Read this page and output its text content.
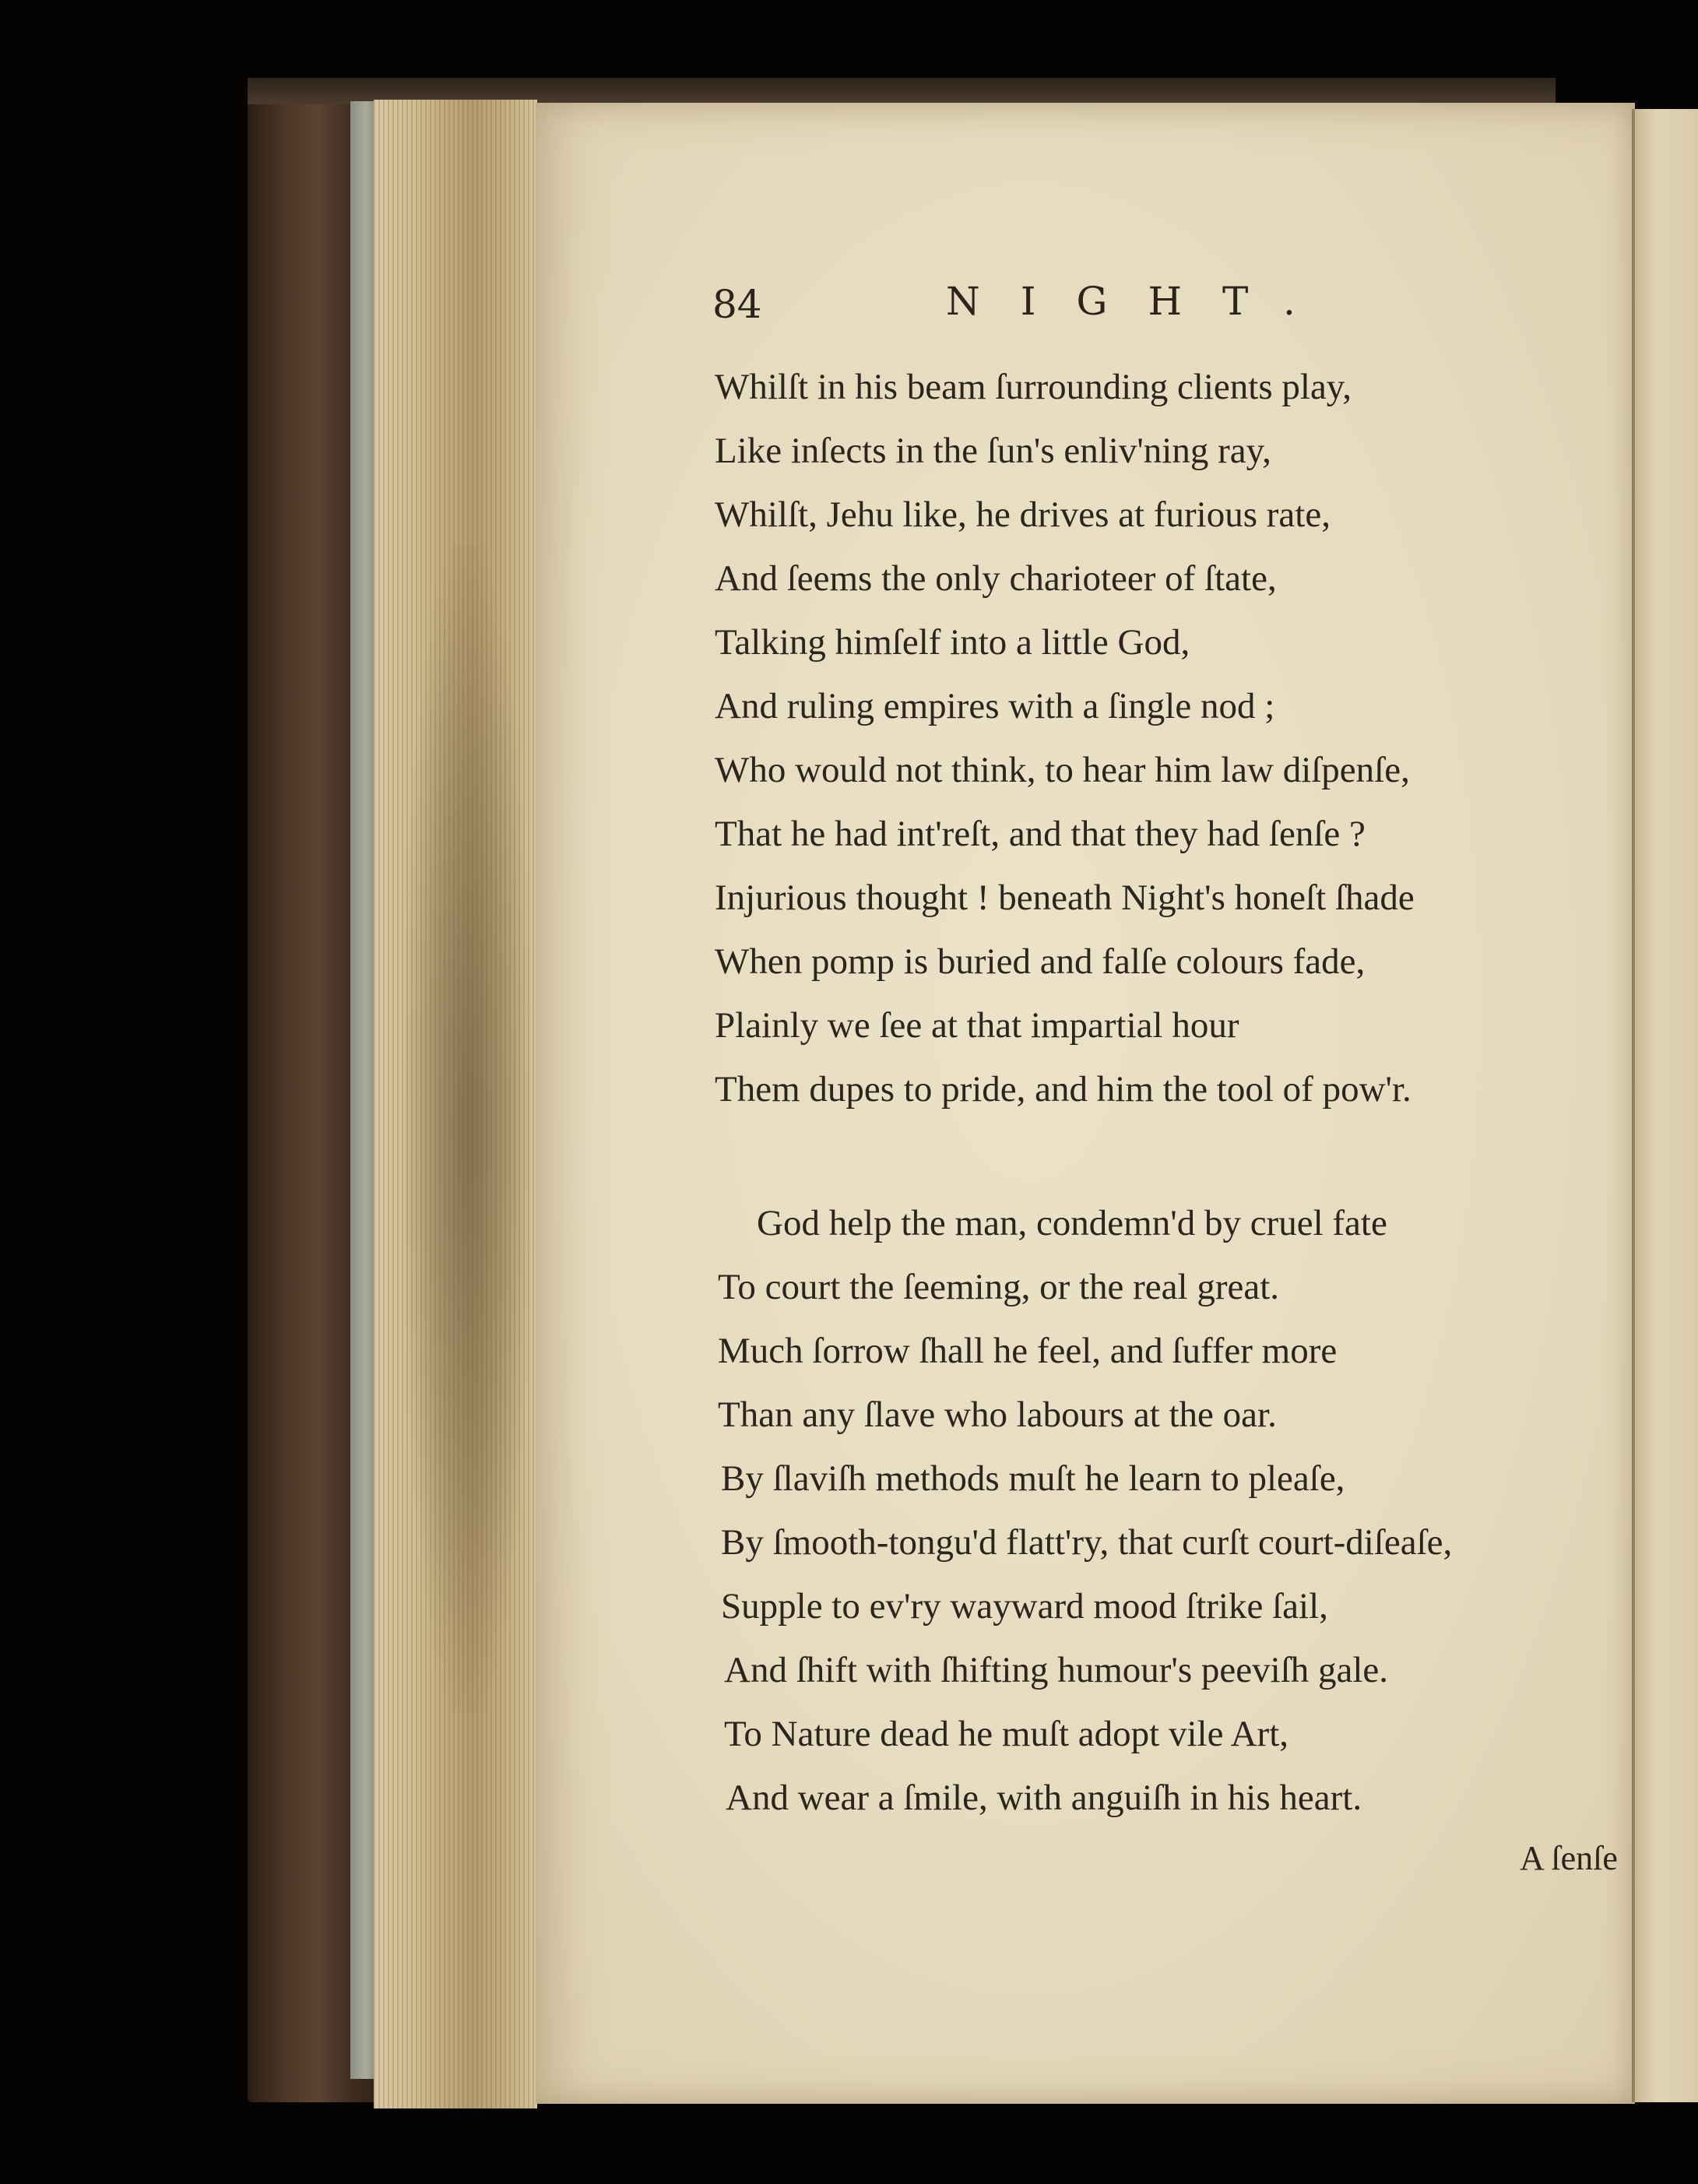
84	NIGHT.
Whilſt in his beam ſurrounding clients play,
Like inſects in the ſun's enliv'ning ray,
Whilſt, Jehu like, he drives at furious rate,
And ſeems the only charioteer of ſtate,
Talking himſelf into a little God,
And ruling empires with a ſingle nod ;
Who would not think, to hear him law diſpenſe,
That he had int'reſt, and that they had ſenſe ?
Injurious thought ! beneath Night's honeſt ſhade
When pomp is buried and falſe colours fade,
Plainly we ſee at that impartial hour
Them dupes to pride, and him the tool of pow'r.
God help the man, condemn'd by cruel fate
To court the ſeeming, or the real great.
Much ſorrow ſhall he feel, and ſuffer more
Than any ſlave who labours at the oar.
By ſlaviſh methods muſt he learn to pleaſe,
By ſmooth-tongu'd flatt'ry, that curſt court-diſeaſe,
Supple to ev'ry wayward mood ſtrike ſail,
And ſhift with ſhifting humour's peeviſh gale.
To Nature dead he muſt adopt vile Art,
And wear a ſmile, with anguiſh in his heart.
A ſenſe
